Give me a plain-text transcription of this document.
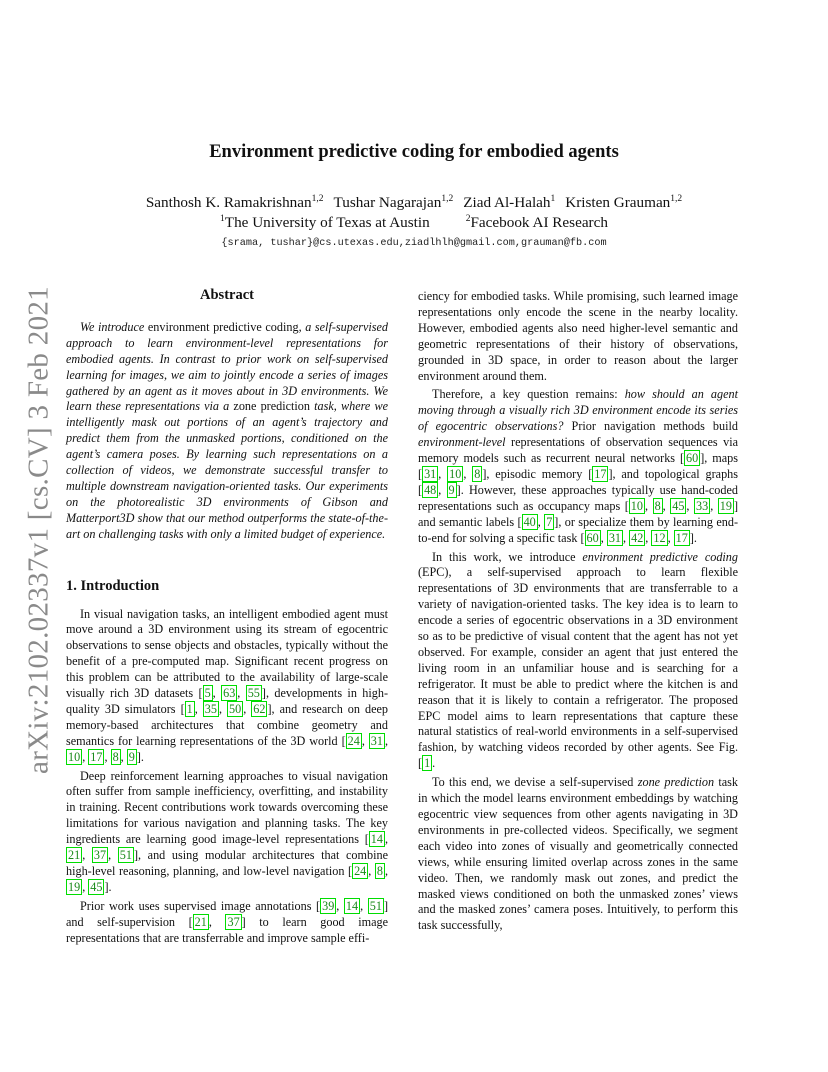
arXiv:2102.02337v1 [cs.CV] 3 Feb 2021
Environment predictive coding for embodied agents
Santhosh K. Ramakrishnan$^{1,2}$ Tushar Nagarajan$^{1,2}$ Ziad Al-Halah$^1$ Kristen Grauman$^{1,2}$
$^1$The University of Texas at Austin	$^2$Facebook AI Research
{srama, tushar}@cs.utexas.edu,ziadlhlh@gmail.com,grauman@fb.com
Abstract

We introduce environment predictive coding, a self-supervised approach to learn environment-level representations for embodied agents. In contrast to prior work on self-supervised learning for images, we aim to jointly encode a series of images gathered by an agent as it moves about in 3D environments. We learn these representations via a zone prediction task, where we intelligently mask out portions of an agent’s trajectory and predict them from the unmasked portions, conditioned on the agent’s camera poses. By learning such representations on a collection of videos, we demonstrate successful transfer to multiple downstream navigation-oriented tasks. Our experiments on the photorealistic 3D environments of Gibson and Matterport3D show that our method outperforms the state-of-the-art on challenging tasks with only a limited budget of experience.

1. Introduction

In visual navigation tasks, an intelligent embodied agent must move around a 3D environment using its stream of egocentric observations to sense objects and obstacles, typically without the benefit of a pre-computed map. Significant recent progress on this problem can be attributed to the availability of large-scale visually rich 3D datasets [ 5 , 63 , 55 ], developments in high-quality 3D simulators [ 1 , 35 , 50 , 62 ], and research on deep memory-based architectures that combine geometry and semantics for learning representations of the 3D world [ 24 , 31 , 10 , 17 , 8 , 9 ].

Deep reinforcement learning approaches to visual navigation often suffer from sample inefficiency, overfitting, and instability in training. Recent contributions work towards overcoming these limitations for various navigation and planning tasks. The key ingredients are learning good image-level representations [ 14 , 21 , 37 , 51 ], and using modular architectures that combine high-level reasoning, planning, and low-level navigation [ 24 , 8 , 19 , 45 ].

Prior work uses supervised image annotations [ 39 , 14 , 51 ] and self-supervision [ 21 , 37 ] to learn good image representations that are transferrable and improve sample effi-

ciency for embodied tasks. While promising, such learned image representations only encode the scene in the nearby locality. However, embodied agents also need higher-level semantic and geometric representations of their history of observations, grounded in 3D space, in order to reason about the larger environment around them.

Therefore, a key question remains: how should an agent moving through a visually rich 3D environment encode its series of egocentric observations? Prior navigation methods build environment-level representations of observation sequences via memory models such as recurrent neural networks [ 60 ], maps [ 31 , 10 , 8 ], episodic memory [ 17 ], and topological graphs [ 48 , 9 ]. However, these approaches typically use hand-coded representations such as occupancy maps [ 10 , 8 , 45 , 33 , 19 ] and semantic labels [ 40 , 7 ], or specialize them by learning end-to-end for solving a specific task [ 60 , 31 , 42 , 12 , 17 ].

In this work, we introduce environment predictive coding (EPC), a self-supervised approach to learn flexible representations of 3D environments that are transferrable to a variety of navigation-oriented tasks. The key idea is to learn to encode a series of egocentric observations in a 3D environment so as to be predictive of visual content that the agent has not yet observed. For example, consider an agent that just entered the living room in an unfamiliar house and is searching for a refrigerator. It must be able to predict where the kitchen is and reason that it is likely to contain a refrigerator. The proposed EPC model aims to learn representations that capture these natural statistics of real-world environments in a self-supervised fashion, by watching videos recorded by other agents. See Fig. [ 1 .

To this end, we devise a self-supervised zone prediction task in which the model learns environment embeddings by watching egocentric view sequences from other agents navigating in 3D environments in pre-collected videos. Specifically, we segment each video into zones of visually and geometrically connected views, while ensuring limited overlap across zones in the same video. Then, we randomly mask out zones, and predict the masked views conditioned on both the unmasked zones’ views and the masked zones’ camera poses. Intuitively, to perform this task successfully,
